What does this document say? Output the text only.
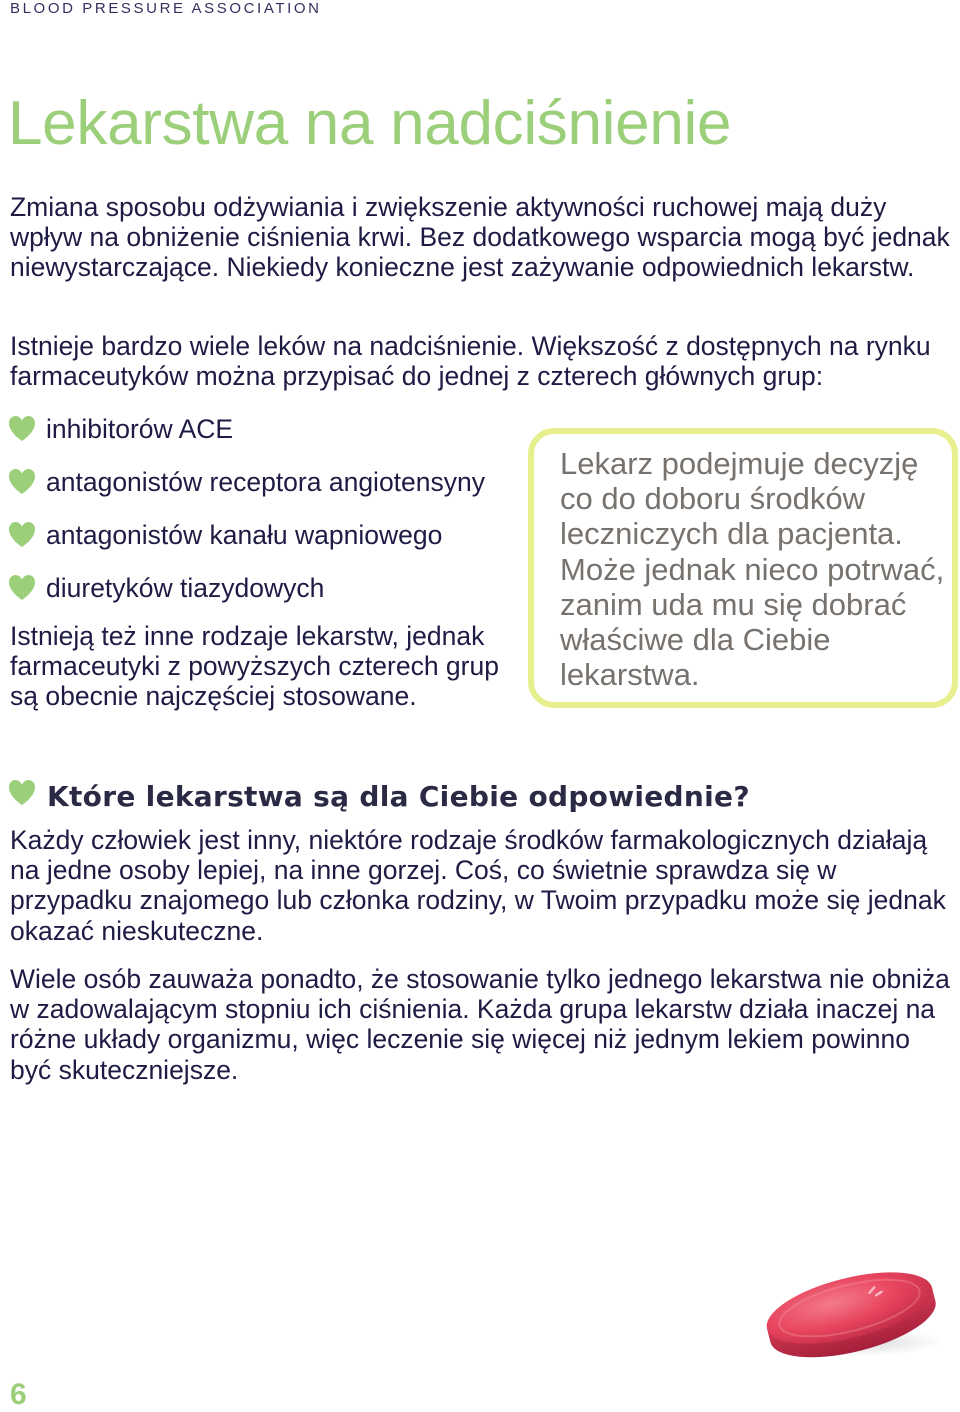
BLOOD PRESSURE ASSOCIATION
Lekarstwa na nadciśnienie

Zmiana sposobu odżywiania i zwiększenie aktywności ruchowej mają duży wpływ na obniżenie ciśnienia krwi. Bez dodatkowego wsparcia mogą być jednak niewystarczające. Niekiedy konieczne jest zażywanie odpowiednich lekarstw.

Istnieje bardzo wiele leków na nadciśnienie. Większość z dostępnych na rynku farmaceutyków można przypisać do jednej z czterech głównych grup:

inhibitorów ACE
antagonistów receptora angiotensyny
antagonistów kanału wapniowego
diuretyków tiazydowych

Istnieją też inne rodzaje lekarstw, jednak farmaceutyki z powyższych czterech grup są obecnie najczęściej stosowane.

Lekarz podejmuje decyzję co do doboru środków leczniczych dla pacjenta. Może jednak nieco potrwać, zanim uda mu się dobrać właściwe dla Ciebie lekarstwa.

Które lekarstwa są dla Ciebie odpowiednie?

Każdy człowiek jest inny, niektóre rodzaje środków farmakologicznych działają na jedne osoby lepiej, na inne gorzej. Coś, co świetnie sprawdza się w przypadku znajomego lub członka rodziny, w Twoim przypadku może się jednak okazać nieskuteczne.

Wiele osób zauważa ponadto, że stosowanie tylko jednego lekarstwa nie obniża w zadowalającym stopniu ich ciśnienia. Każda grupa lekarstw działa inaczej na różne układy organizmu, więc leczenie się więcej niż jednym lekiem powinno być skuteczniejsze.

6
